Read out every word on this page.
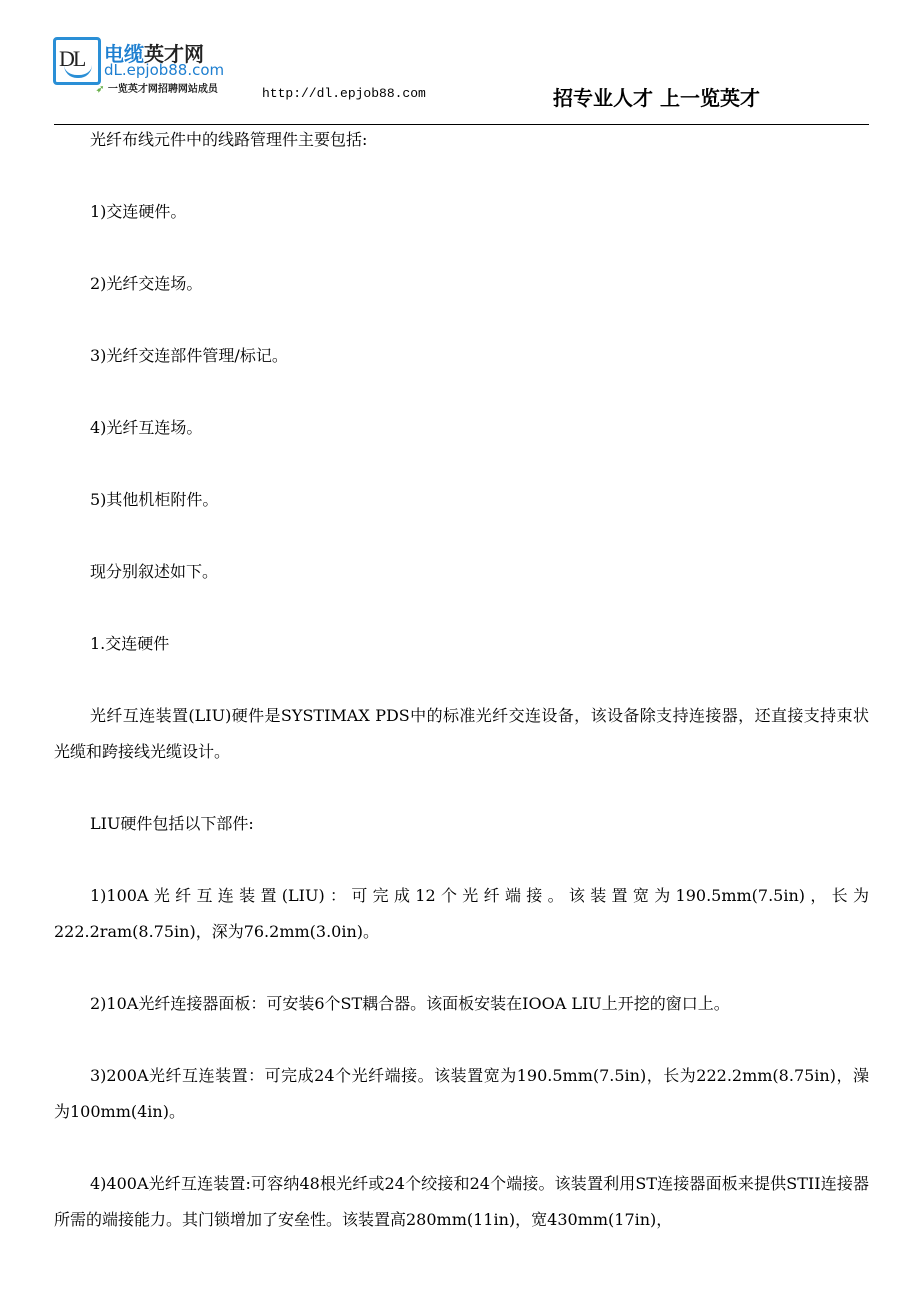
DL 电缆英才网
dL.epjob88.com
➶ 一览英才网招聘网站成员	http://dl.epjob88.com	招专业人才 上一览英才
光纤布线元件中的线路管理件主要包括:
1)交连硬件。
2)光纤交连场。
3)光纤交连部件管理/标记。
4)光纤互连场。
5)其他机柜附件。
现分别叙述如下。
1.交连硬件
光纤互连装置(LIU)硬件是SYSTIMAX PDS中的标准光纤交连设备，该设备除支持连接器，还直接支持束状光缆和跨接线光缆设计。
LIU硬件包括以下部件:
1)100A光纤互连装置(LIU)：可完成12个光纤端接。该装置宽为190.5mm(7.5in)，长为222.2ram(8.75in)，深为76.2mm(3.0in)。
2)10A光纤连接器面板：可安装6个ST耦合器。该面板安装在IOOA LIU上开挖的窗口上。
3)200A光纤互连装置：可完成24个光纤端接。该装置宽为190.5mm(7.5in)，长为222.2mm(8.75in)，澡为100mm(4in)。
4)400A光纤互连装置:可容纳48根光纤或24个绞接和24个端接。该装置利用ST连接器面板来提供STII连接器所需的端接能力。其门锁增加了安垒性。该装置高280mm(11in)，宽430mm(17in)，
